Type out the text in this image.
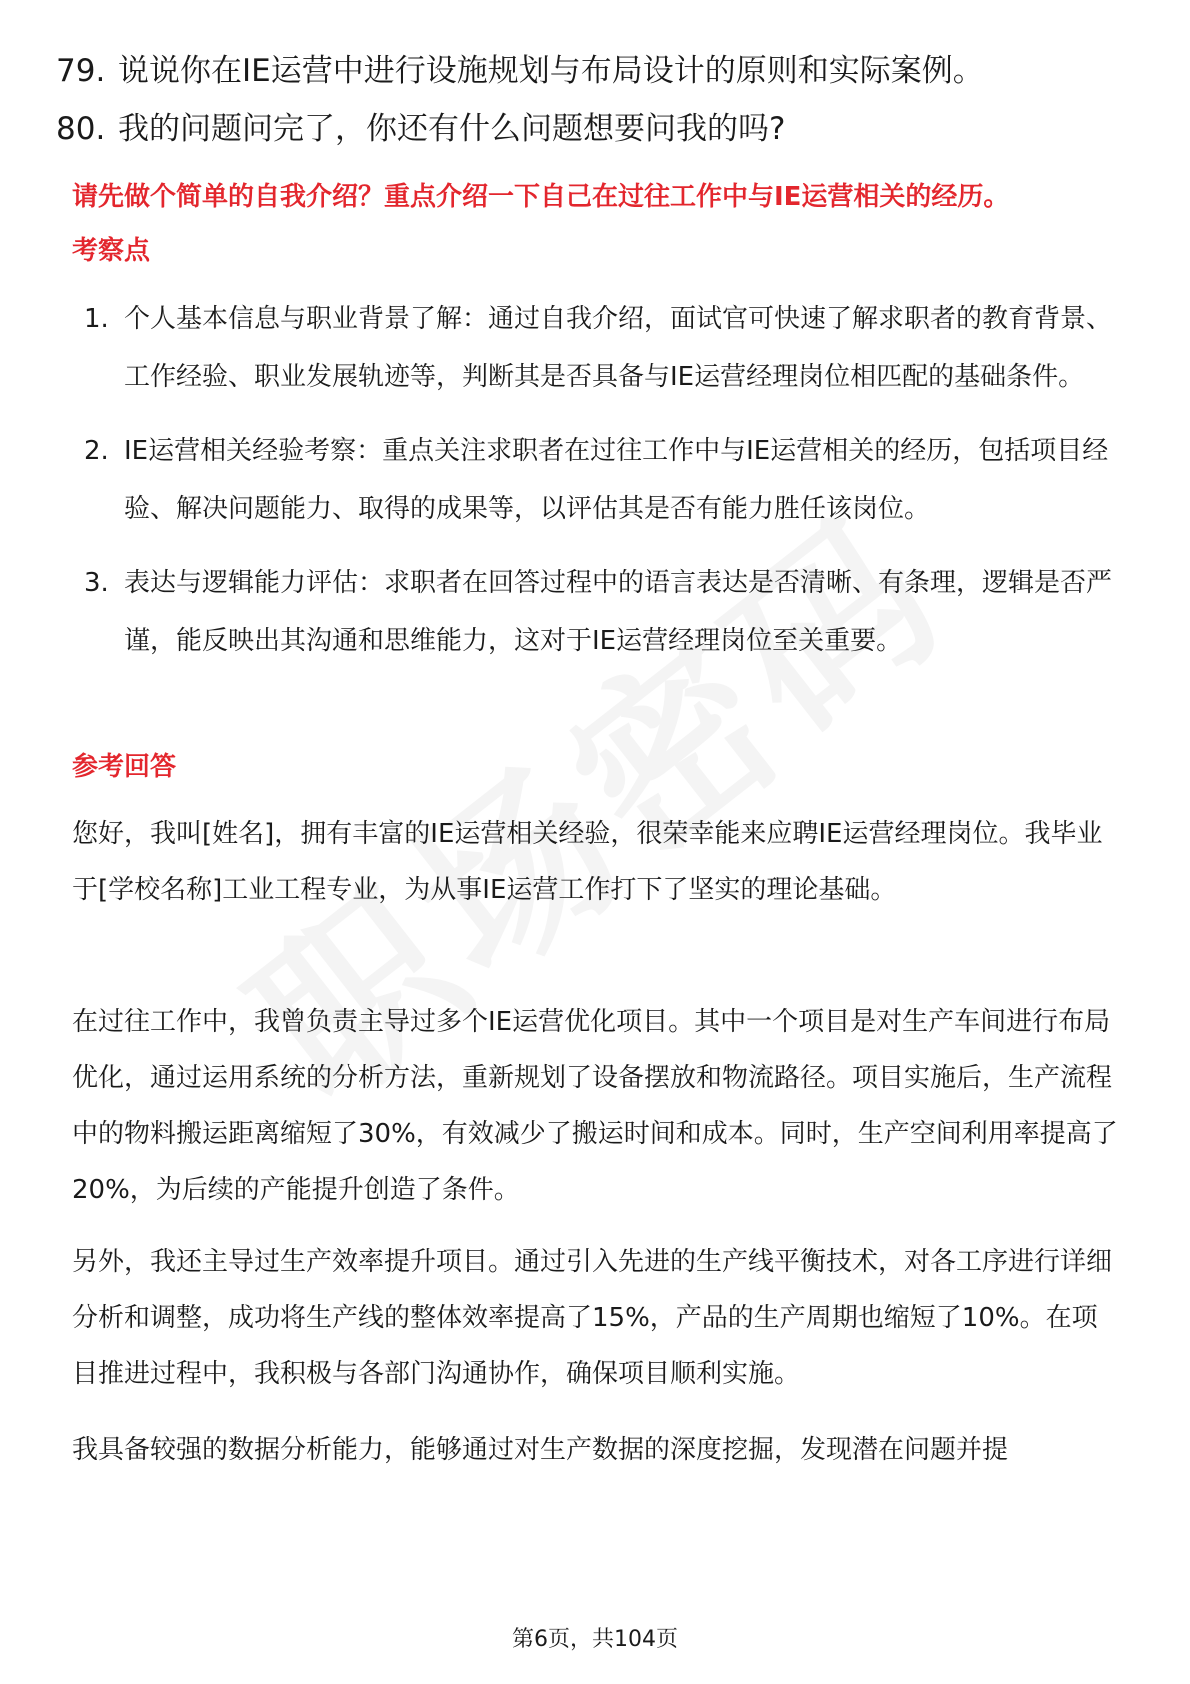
79. 说说你在IE运营中进行设施规划与布局设计的原则和实际案例。
80. 我的问题问完了，你还有什么问题想要问我的吗?
请先做个简单的自我介绍？重点介绍一下自己在过往工作中与IE运营相关的经历。
考察点
1. 个人基本信息与职业背景了解：通过自我介绍，面试官可快速了解求职者的教育背景、工作经验、职业发展轨迹等，判断其是否具备与IE运营经理岗位相匹配的基础条件。
2. IE运营相关经验考察：重点关注求职者在过往工作中与IE运营相关的经历，包括项目经验、解决问题能力、取得的成果等，以评估其是否有能力胜任该岗位。
3. 表达与逻辑能力评估：求职者在回答过程中的语言表达是否清晰、有条理，逻辑是否严谨，能反映出其沟通和思维能力，这对于IE运营经理岗位至关重要。
参考回答
您好，我叫[姓名]，拥有丰富的IE运营相关经验，很荣幸能来应聘IE运营经理岗位。我毕业于[学校名称]工业工程专业，为从事IE运营工作打下了坚实的理论基础。
在过往工作中，我曾负责主导过多个IE运营优化项目。其中一个项目是对生产车间进行布局优化，通过运用系统的分析方法，重新规划了设备摆放和物流路径。项目实施后，生产流程中的物料搬运距离缩短了30%，有效减少了搬运时间和成本。同时，生产空间利用率提高了20%，为后续的产能提升创造了条件。
另外，我还主导过生产效率提升项目。通过引入先进的生产线平衡技术，对各工序进行详细分析和调整，成功将生产线的整体效率提高了15%，产品的生产周期也缩短了10%。在项目推进过程中，我积极与各部门沟通协作，确保项目顺利实施。
我具备较强的数据分析能力，能够通过对生产数据的深度挖掘，发现潜在问题并提
第6页，共104页
